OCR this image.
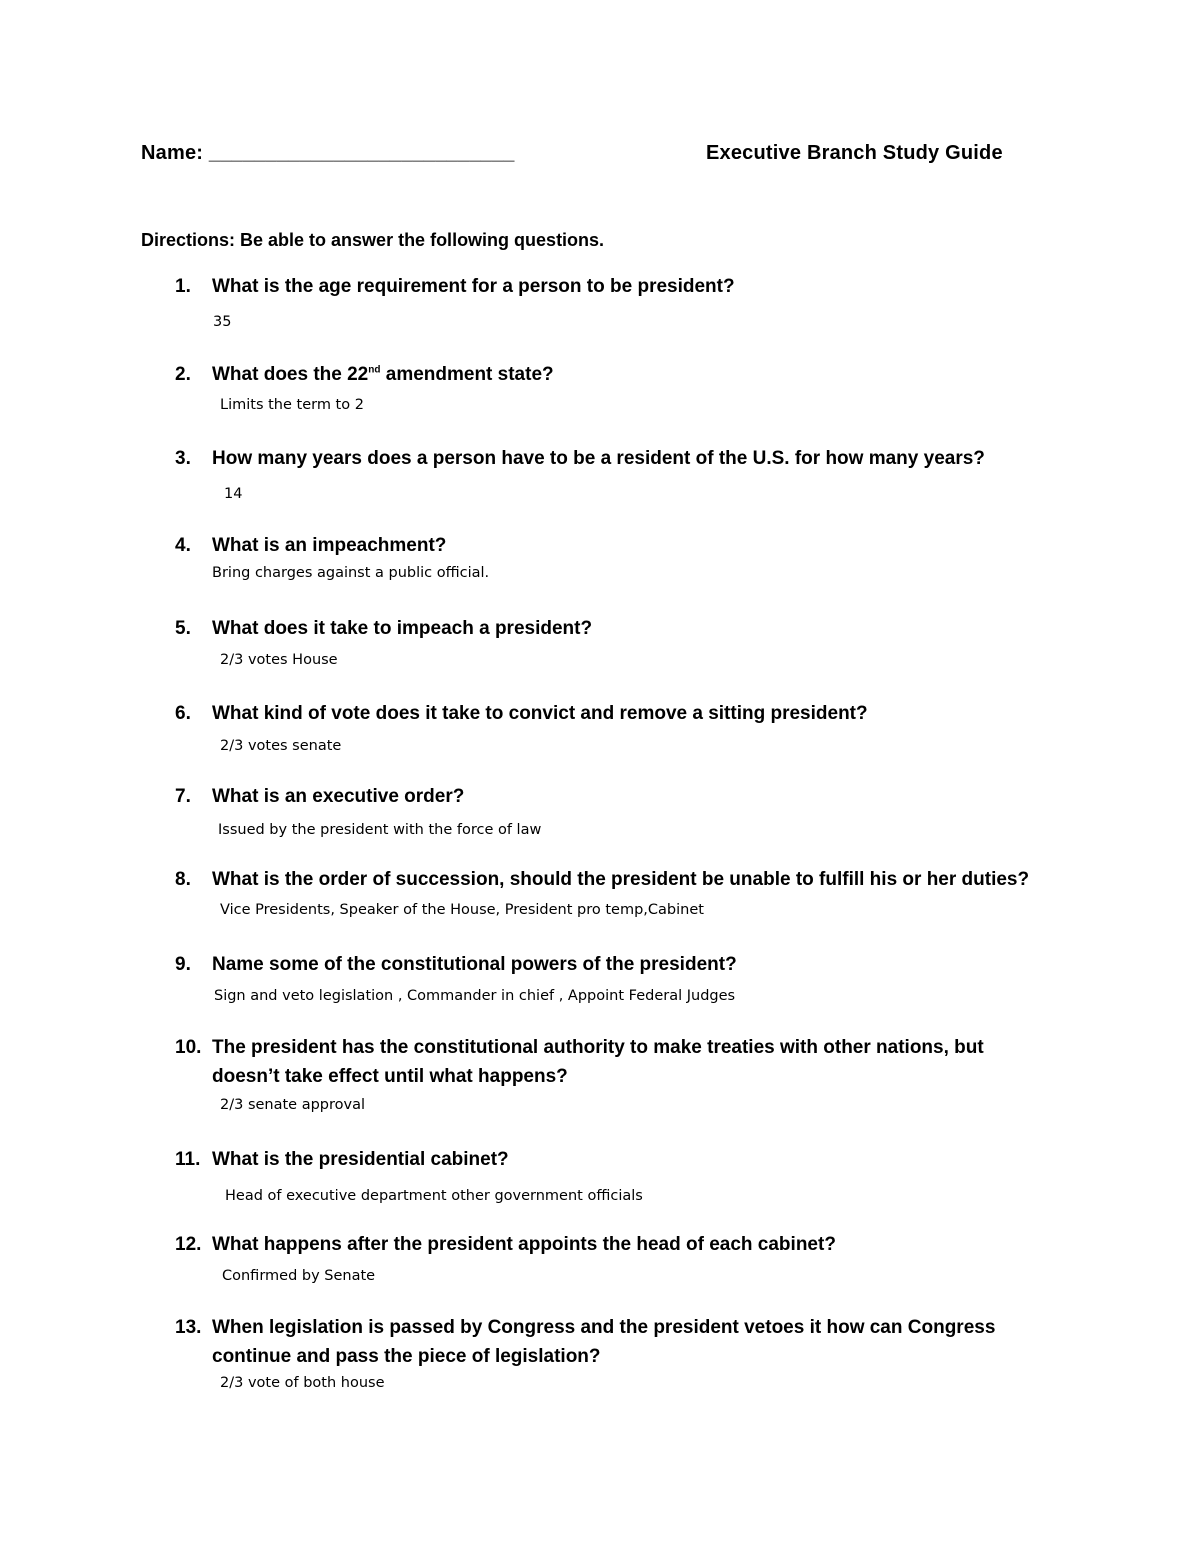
Name: ___________________________	Executive Branch Study Guide
Directions: Be able to answer the following questions.
1. What is the age requirement for a person to be president?
35
2. What does the 22nd amendment state?
Limits the term to 2
3. How many years does a person have to be a resident of the U.S. for how many years?
14
4. What is an impeachment?
Bring charges against a public official.
5. What does it take to impeach a president?
2/3 votes House
6. What kind of vote does it take to convict and remove a sitting president?
2/3 votes senate
7. What is an executive order?
Issued by the president with the force of law
8. What is the order of succession, should the president be unable to fulfill his or her duties?
Vice Presidents, Speaker of the House, President pro temp,Cabinet
9. Name some of the constitutional powers of the president?
Sign and veto legislation , Commander in chief , Appoint Federal Judges
10. The president has the constitutional authority to make treaties with other nations, but doesn’t take effect until what happens?
2/3 senate approval
11. What is the presidential cabinet?
Head of executive department other government officials
12. What happens after the president appoints the head of each cabinet?
Confirmed by Senate
13. When legislation is passed by Congress and the president vetoes it how can Congress continue and pass the piece of legislation?
2/3 vote of both house
